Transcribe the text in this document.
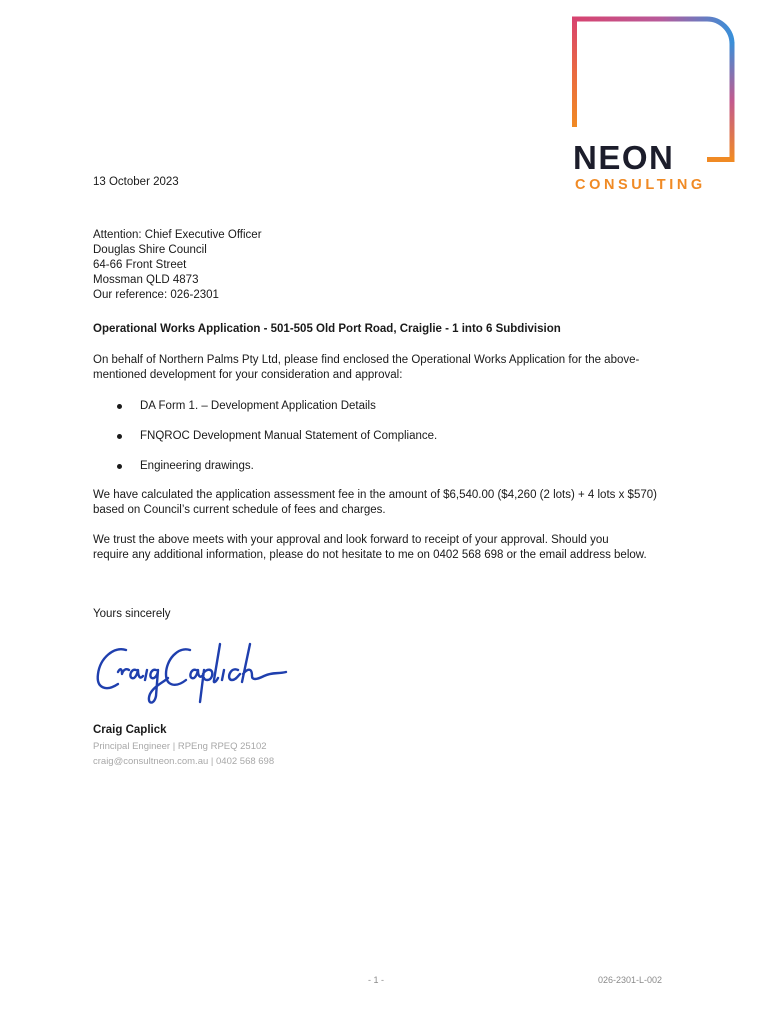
NEON
CONSULTING
13 October 2023
Attention: Chief Executive Officer
Douglas Shire Council
64-66 Front Street
Mossman QLD 4873
Our reference: 026-2301
Operational Works Application - 501-505 Old Port Road, Craiglie - 1 into 6 Subdivision
On behalf of Northern Palms Pty Ltd, please find enclosed the Operational Works Application for the above-
mentioned development for your consideration and approval:
DA Form 1. – Development Application Details
FNQROC Development Manual Statement of Compliance.
Engineering drawings.
We have calculated the application assessment fee in the amount of $6,540.00 ($4,260 (2 lots) + 4 lots x $570)
based on Council’s current schedule of fees and charges.
We trust the above meets with your approval and look forward to receipt of your approval. Should you
require any additional information, please do not hesitate to me on 0402 568 698 or the email address below.
Yours sincerely
Craig Caplick
Principal Engineer | RPEng RPEQ 25102
craig@consultneon.com.au | 0402 568 698
- 1 -	026-2301-L-002
